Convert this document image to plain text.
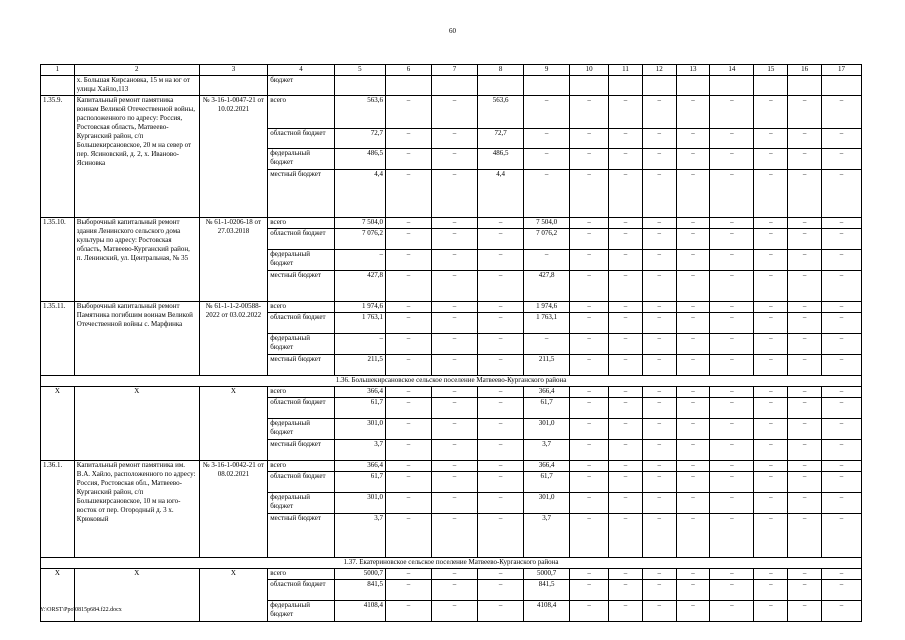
60
1	2	3	4	5	6	7	8	9	10	11	12	13	14	15	16	17
	х. Большая Кирсановка, 15 м на юг от улицы Хайло,113		бюджет													
1.35.9.	Капитальный ремонт памятника воинам Великой Отечественной войны, расположенного по адресу: Россия, Ростовская область, Матвеево-Курганский район, с/п Большекирсановское, 20 м на север от пер. Ясиновский, д. 2, х. Иваново-Ясиновка	№ 3-16-1-0047-21 от 10.02.2021	всего	563,6	–	–	563,6	–	–	–	–	–	–	–	–	–
			областной бюджет	72,7	–	–	72,7	–	–	–	–	–	–	–	–	–
			федеральный бюджет	486,5	–	–	486,5	–	–	–	–	–	–	–	–	–
			местный бюджет	4,4	–	–	4,4	–	–	–	–	–	–	–	–	–
1.35.10.	Выборочный капитальный ремонт здания Ленинского сельского дома культуры по адресу: Ростовская область, Матвеево-Курганский район, п. Ленинский, ул. Центральная, № 35	№ 61-1-0206-18 от 27.03.2018	всего	7 504,0	–	–	–	7 504,0	–	–	–	–	–	–	–	–
			областной бюджет	7 076,2	–	–	–	7 076,2	–	–	–	–	–	–	–	–
			федеральный бюджет	–	–	–	–	–	–	–	–	–	–	–	–	–
			местный бюджет	427,8	–	–	–	427,8	–	–	–	–	–	–	–	–
1.35.11.	Выборочный капитальный ремонт Памятника погибшим воинам Великой Отечественной войны с. Марфинка	№ 61-1-1-2-00588-2022 от 03.02.2022	всего	1 974,6	–	–	–	1 974,6	–	–	–	–	–	–	–	–
			областной бюджет	1 763,1	–	–	–	1 763,1	–	–	–	–	–	–	–	–
			федеральный бюджет	–	–	–	–	–	–	–	–	–	–	–	–	–
			местный бюджет	211,5	–	–	–	211,5	–	–	–	–	–	–	–	–
1.36. Большекирсановское сельское поселение Матвеево-Курганского района																
Х	Х	Х	всего	366,4	–	–	–	366,4	–	–	–	–	–	–	–	–
			областной бюджет	61,7	–	–	–	61,7	–	–	–	–	–	–	–	–
			федеральный бюджет	301,0	–	–	–	301,0	–	–	–	–	–	–	–	–
			местный бюджет	3,7	–	–	–	3,7	–	–	–	–	–	–	–	–
1.36.1.	Капитальный ремонт памятника им. В.А. Хайло, расположенного по адресу: Россия, Ростовская обл., Матвеево-Курганский район, с/п Большекирсановское, 10 м на юго-восток от пер. Огородный д. 3 х. Крюковый	№ 3-16-1-0042-21 от 08.02.2021	всего	366,4	–	–	–	366,4	–	–	–	–	–	–	–	–
			областной бюджет	61,7	–	–	–	61,7	–	–	–	–	–	–	–	–
			федеральный бюджет	301,0	–	–	–	301,0	–	–	–	–	–	–	–	–
			местный бюджет	3,7	–	–	–	3,7	–	–	–	–	–	–	–	–
1.37. Екатериновское сельское поселение Матвеево-Курганского района																
Х	Х	Х	всего	5000,7	–	–	–	5000,7	–	–	–	–	–	–	–	–
			областной бюджет	841,5	–	–	–	841,5	–	–	–	–	–	–	–	–
			федеральный бюджет	4108,4	–	–	–	4108,4	–	–	–	–	–	–	–	–
Y:\ORST\Ppo\0815p684.f22.docx
